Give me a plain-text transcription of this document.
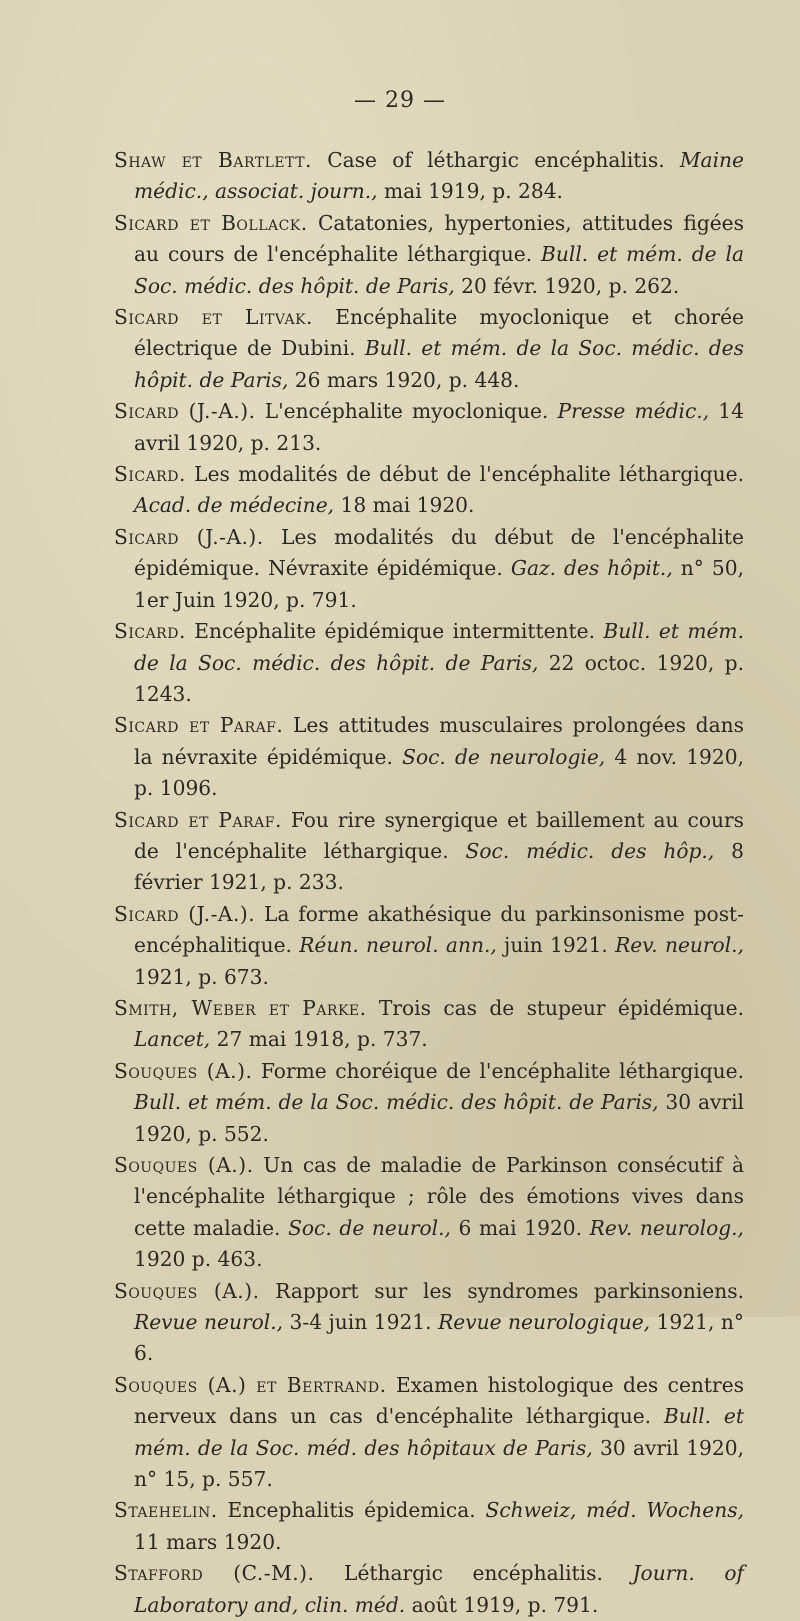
— 29 —
Shaw et Bartlett. Case of léthargic encéphalitis. Maine médic., associat. journ., mai 1919, p. 284.
Sicard et Bollack. Catatonies, hypertonies, attitudes figées au cours de l'encéphalite léthargique. Bull. et mém. de la Soc. médic. des hôpit. de Paris, 20 févr. 1920, p. 262.
Sicard et Litvak. Encéphalite myoclonique et chorée électrique de Dubini. Bull. et mém. de la Soc. médic. des hôpit. de Paris, 26 mars 1920, p. 448.
Sicard (J.-A.). L'encéphalite myoclonique. Presse médic., 14 avril 1920, p. 213.
Sicard. Les modalités de début de l'encéphalite léthargique. Acad. de médecine, 18 mai 1920.
Sicard (J.-A.). Les modalités du début de l'encéphalite épidémique. Névraxite épidémique. Gaz. des hôpit., n° 50, 1er Juin 1920, p. 791.
Sicard. Encéphalite épidémique intermittente. Bull. et mém. de la Soc. médic. des hôpit. de Paris, 22 octoc. 1920, p. 1243.
Sicard et Paraf. Les attitudes musculaires prolongées dans la névraxite épidémique. Soc. de neurologie, 4 nov. 1920, p. 1096.
Sicard et Paraf. Fou rire synergique et baillement au cours de l'encéphalite léthargique. Soc. médic. des hôp., 8 février 1921, p. 233.
Sicard (J.-A.). La forme akathésique du parkinsonisme post-encéphalitique. Réun. neurol. ann., juin 1921. Rev. neurol., 1921, p. 673.
Smith, Weber et Parke. Trois cas de stupeur épidémique. Lancet, 27 mai 1918, p. 737.
Souques (A.). Forme choréique de l'encéphalite léthargique. Bull. et mém. de la Soc. médic. des hôpit. de Paris, 30 avril 1920, p. 552.
Souques (A.). Un cas de maladie de Parkinson consécutif à l'encéphalite léthargique ; rôle des émotions vives dans cette maladie. Soc. de neurol., 6 mai 1920. Rev. neurolog., 1920 p. 463.
Souques (A.). Rapport sur les syndromes parkinsoniens. Revue neurol., 3-4 juin 1921. Revue neurologique, 1921, n° 6.
Souques (A.) et Bertrand. Examen histologique des centres nerveux dans un cas d'encéphalite léthargique. Bull. et mém. de la Soc. méd. des hôpitaux de Paris, 30 avril 1920, n° 15, p. 557.
Staehelin. Encephalitis épidemica. Schweiz, méd. Wochens, 11 mars 1920.
Stafford (C.-M.). Léthargic encéphalitis. Journ. of Laboratory and, clin. méd. août 1919, p. 791.
